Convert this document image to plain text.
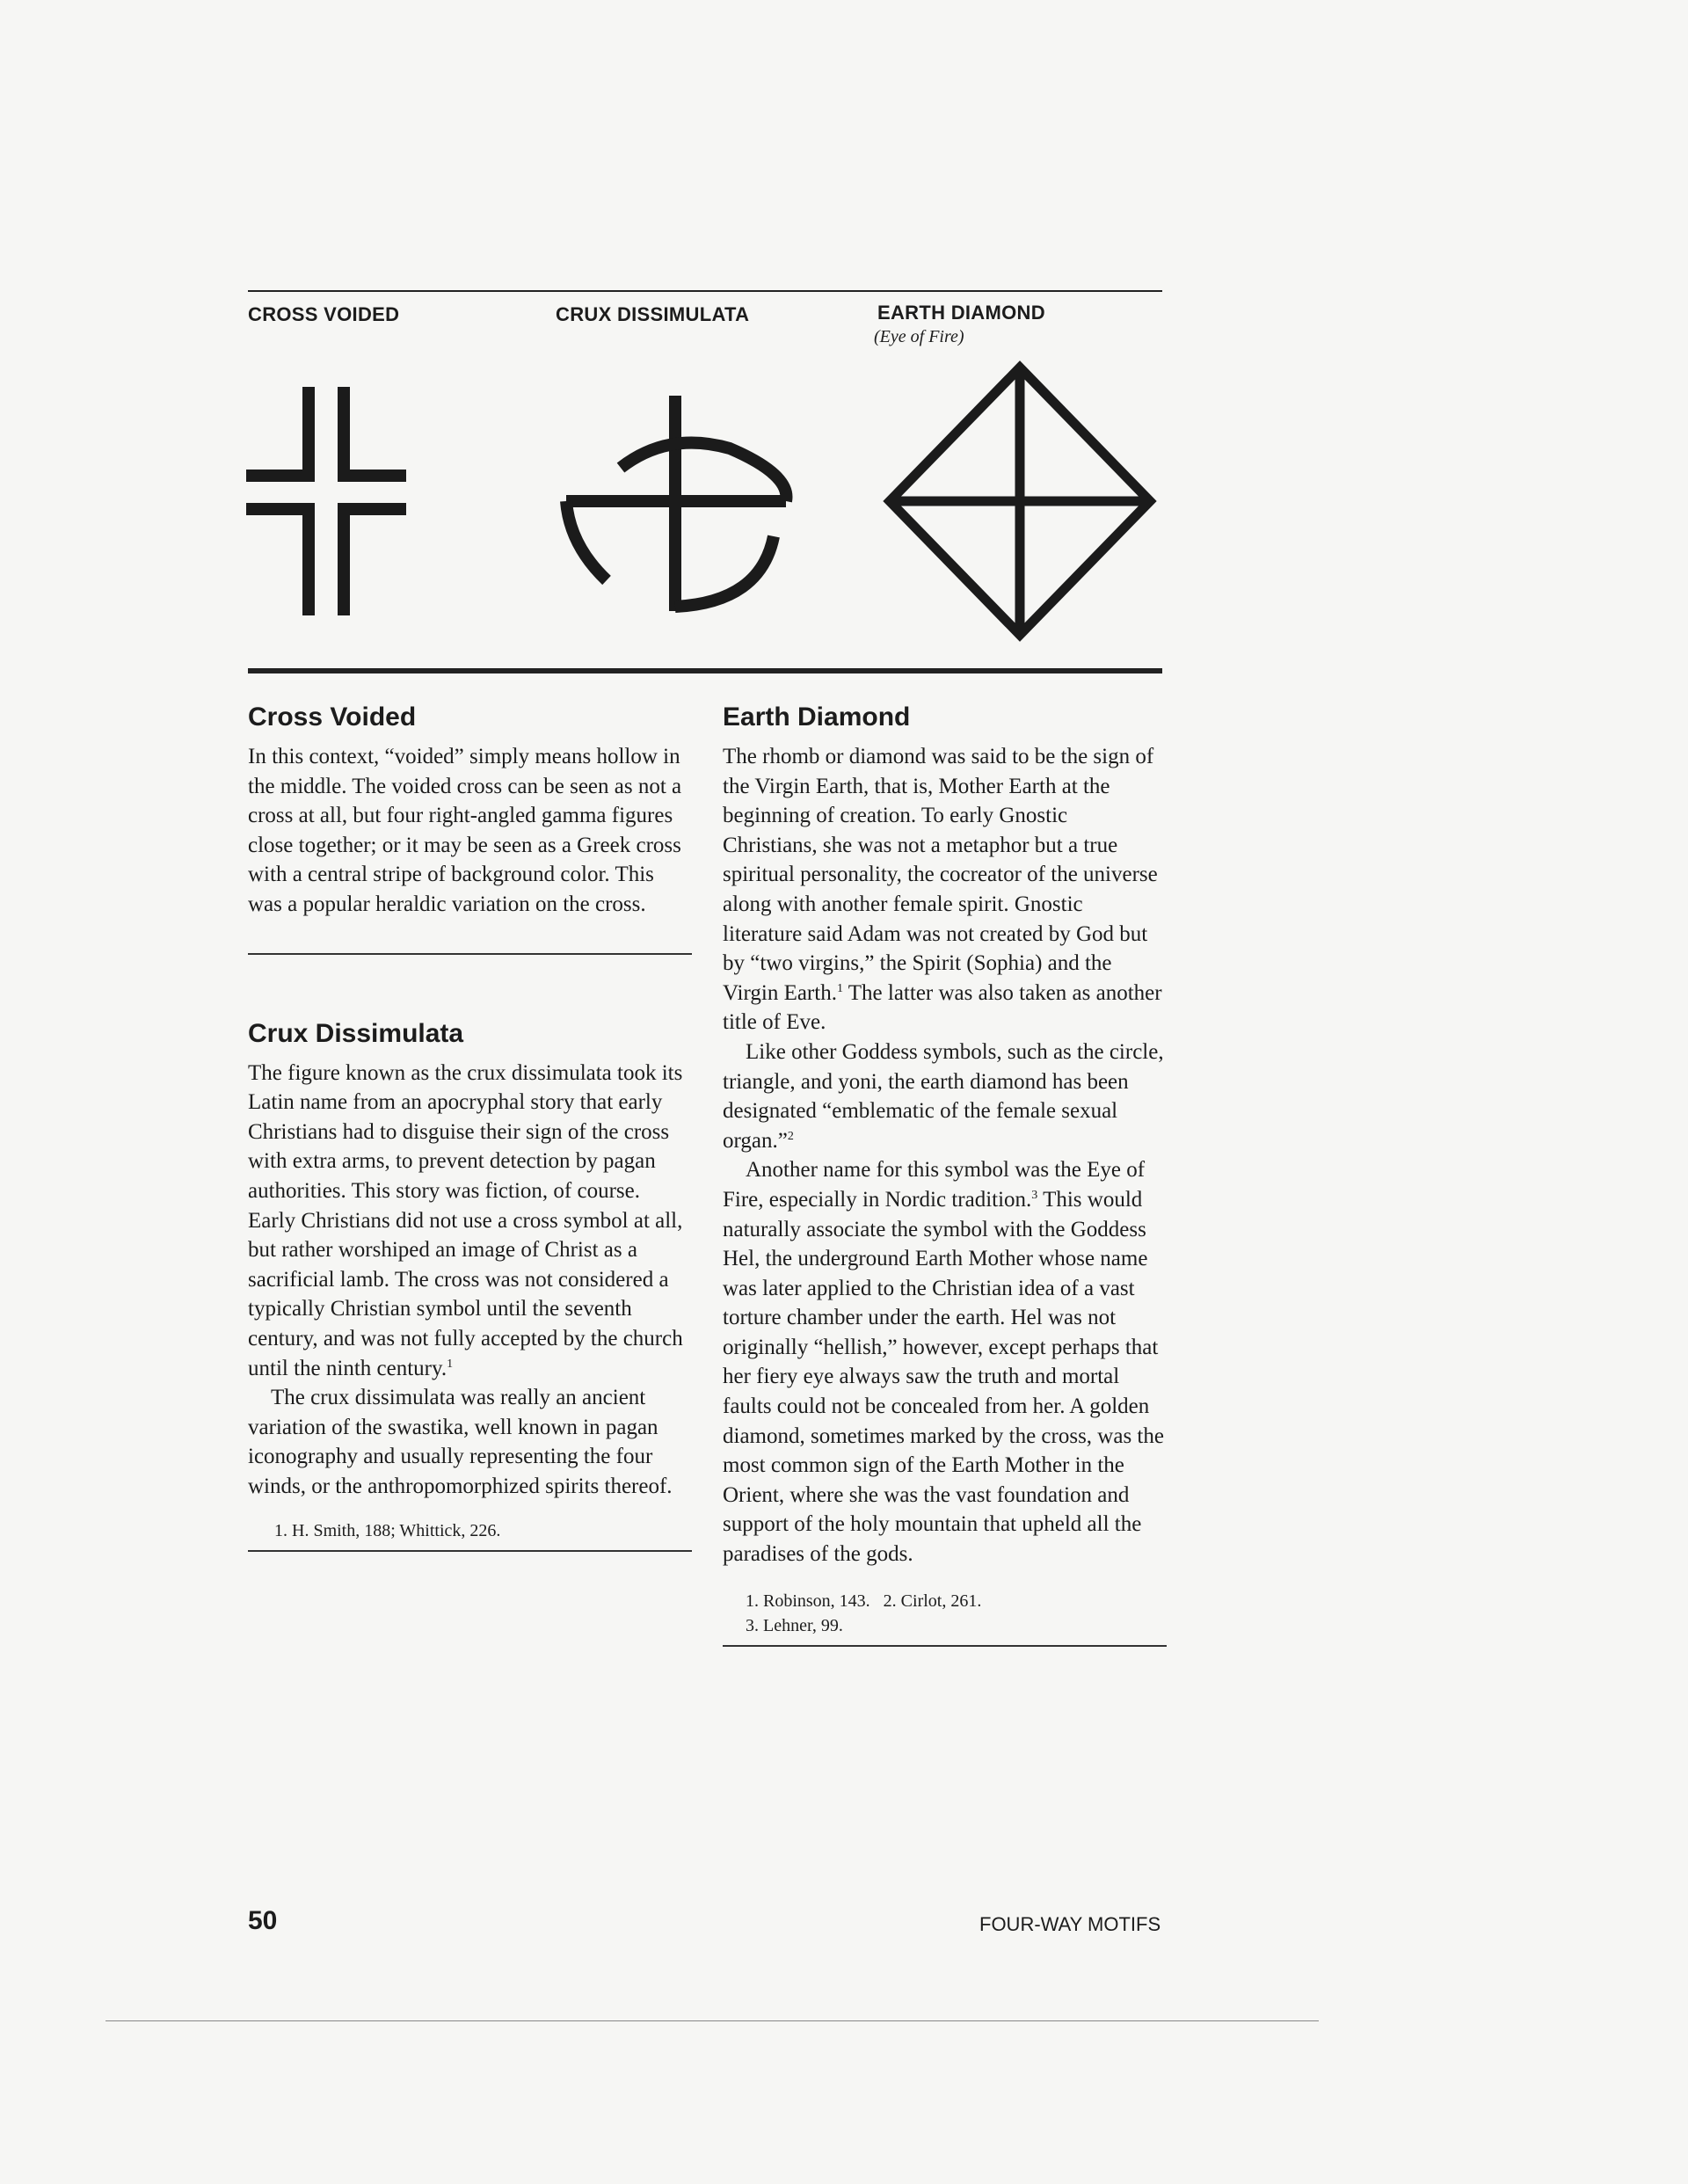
CROSS VOIDED	CRUX DISSIMULATA	EARTH DIAMOND
(Eye of Fire)
Cross Voided

In this context, “voided” simply means hollow in the middle. The voided cross can be seen as not a cross at all, but four right-angled gamma figures close together; or it may be seen as a Greek cross with a central stripe of background color. This was a popular heraldic variation on the cross.

Crux Dissimulata

The figure known as the crux dissimulata took its Latin name from an apocryphal story that early Christians had to disguise their sign of the cross with extra arms, to prevent detection by pagan authorities. This story was fiction, of course. Early Christians did not use a cross symbol at all, but rather worshiped an image of Christ as a sacrificial lamb. The cross was not considered a typically Christian symbol until the seventh century, and was not fully accepted by the church until the ninth century.$^1$

The crux dissimulata was really an ancient variation of the swastika, well known in pagan iconography and usually representing the four winds, or the anthropomorphized spirits thereof.

1. H. Smith, 188; Whittick, 226.

Earth Diamond

The rhomb or diamond was said to be the sign of the Virgin Earth, that is, Mother Earth at the beginning of creation. To early Gnostic Christians, she was not a metaphor but a true spiritual personality, the cocreator of the universe along with another female spirit. Gnostic literature said Adam was not created by God but by “two virgins,” the Spirit (Sophia) and the Virgin Earth.$^1$ The latter was also taken as another title of Eve.

Like other Goddess symbols, such as the circle, triangle, and yoni, the earth diamond has been designated “emblematic of the female sexual organ.”$^2$

Another name for this symbol was the Eye of Fire, especially in Nordic tradition.$^3$ This would naturally associate the symbol with the Goddess Hel, the underground Earth Mother whose name was later applied to the Christian idea of a vast torture chamber under the earth. Hel was not originally “hellish,” however, except perhaps that her fiery eye always saw the truth and mortal faults could not be concealed from her. A golden diamond, sometimes marked by the cross, was the most common sign of the Earth Mother in the Orient, where she was the vast foundation and support of the holy mountain that upheld all the paradises of the gods.

1. Robinson, 143.   2. Cirlot, 261.

3. Lehner, 99.

50	FOUR-WAY MOTIFS
